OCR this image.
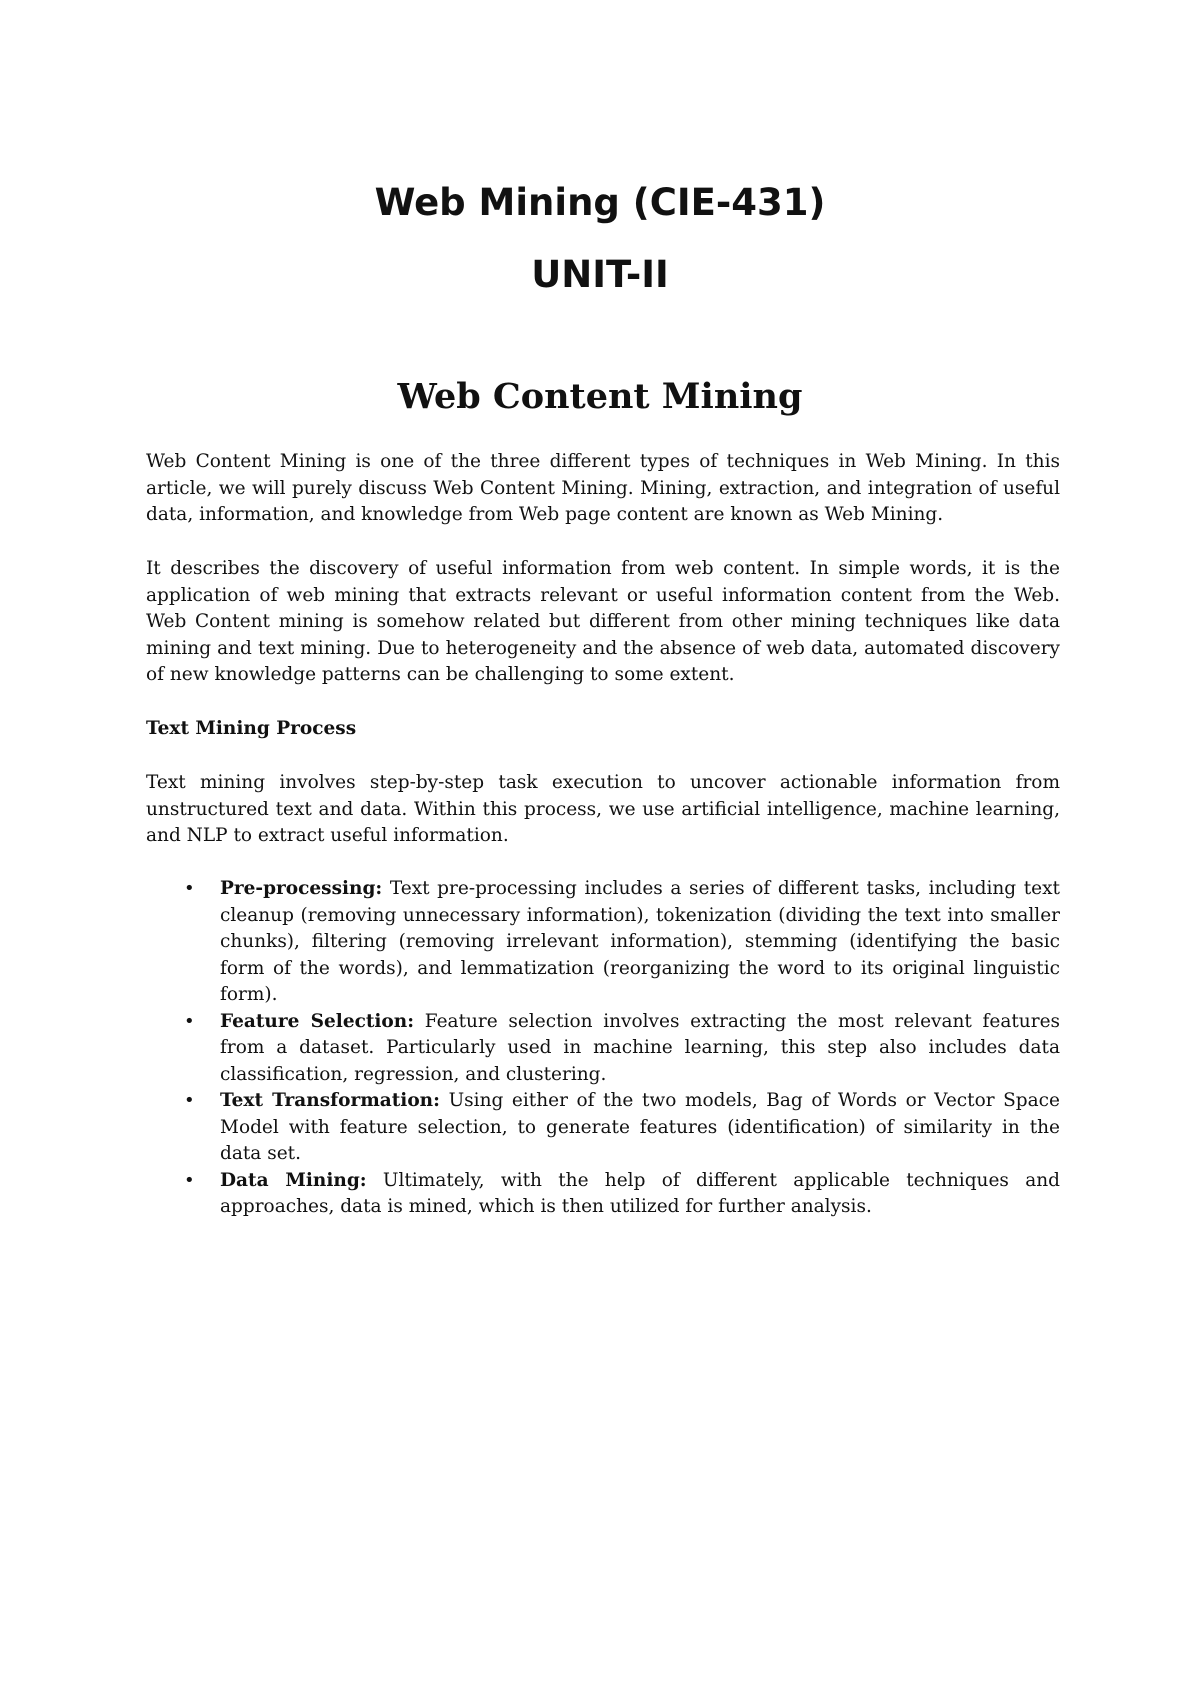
Web Mining (CIE-431)
UNIT-II
Web Content Mining

Web Content Mining is one of the three different types of techniques in Web Mining. In this article, we will purely discuss Web Content Mining. Mining, extraction, and integration of useful data, information, and knowledge from Web page content are known as Web Mining.

It describes the discovery of useful information from web content. In simple words, it is the application of web mining that extracts relevant or useful information content from the Web. Web Content mining is somehow related but different from other mining techniques like data mining and text mining. Due to heterogeneity and the absence of web data, automated discovery of new knowledge patterns can be challenging to some extent.

Text Mining Process

Text mining involves step-by-step task execution to uncover actionable information from unstructured text and data. Within this process, we use artificial intelligence, machine learning, and NLP to extract useful information.

• Pre-processing: Text pre-processing includes a series of different tasks, including text cleanup (removing unnecessary information), tokenization (dividing the text into smaller chunks), filtering (removing irrelevant information), stemming (identifying the basic form of the words), and lemmatization (reorganizing the word to its original linguistic form).
• Feature Selection: Feature selection involves extracting the most relevant features from a dataset. Particularly used in machine learning, this step also includes data classification, regression, and clustering.
• Text Transformation: Using either of the two models, Bag of Words or Vector Space Model with feature selection, to generate features (identification) of similarity in the data set.
• Data Mining: Ultimately, with the help of different applicable techniques and approaches, data is mined, which is then utilized for further analysis.
